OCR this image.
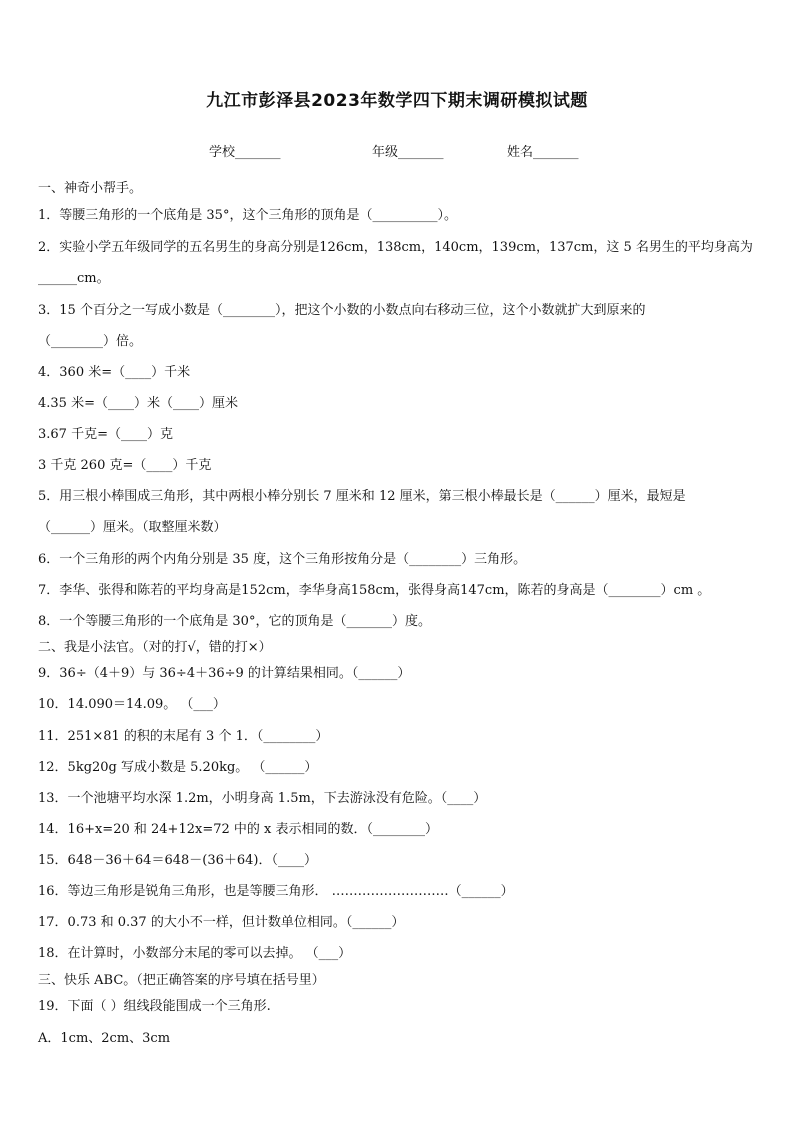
九江市彭泽县2023年数学四下期末调研模拟试题
学校_______	年级_______	姓名_______
一、神奇小帮手。
1．等腰三角形的一个底角是 35°，这个三角形的顶角是（__________）。
2．实验小学五年级同学的五名男生的身高分别是126cm，138cm，140cm，139cm，137cm，这 5 名男生的平均身高为
______cm。
3．15 个百分之一写成小数是（________），把这个小数的小数点向右移动三位，这个小数就扩大到原来的
（________）倍。
4．360 米=（____）千米
4.35 米=（____）米（____）厘米
3.67 千克=（____）克
3 千克 260 克=（____）千克
5．用三根小棒围成三角形，其中两根小棒分别长 7 厘米和 12 厘米，第三根小棒最长是（______）厘米，最短是
（______）厘米。（取整厘米数）
6．一个三角形的两个内角分别是 35 度，这个三角形按角分是（________）三角形。
7．李华、张得和陈若的平均身高是152cm，李华身高158cm，张得身高147cm，陈若的身高是（________）cm 。
8．一个等腰三角形的一个底角是 30°，它的顶角是（_______）度。
二、我是小法官。（对的打√，错的打×）
9．36÷（4＋9）与 36÷4＋36÷9 的计算结果相同。（______）
10．14.090＝14.09。 （___）
11．251×81 的积的末尾有 3 个 1．（________）
12．5kg20g 写成小数是 5.20kg。 （______）
13．一个池塘平均水深 1.2m，小明身高 1.5m，下去游泳没有危险。（____）
14．16+x=20 和 24+12x=72 中的 x 表示相同的数．（________）
15．648－36＋64＝648－(36＋64)．（____）
16．等边三角形是锐角三角形，也是等腰三角形． ………………………（______）
17．0.73 和 0.37 的大小不一样，但计数单位相同。（______）
18．在计算时，小数部分末尾的零可以去掉。 （___）
三、快乐 ABC。（把正确答案的序号填在括号里）
19．下面（ ）组线段能围成一个三角形.
A．1cm、2cm、3cm
